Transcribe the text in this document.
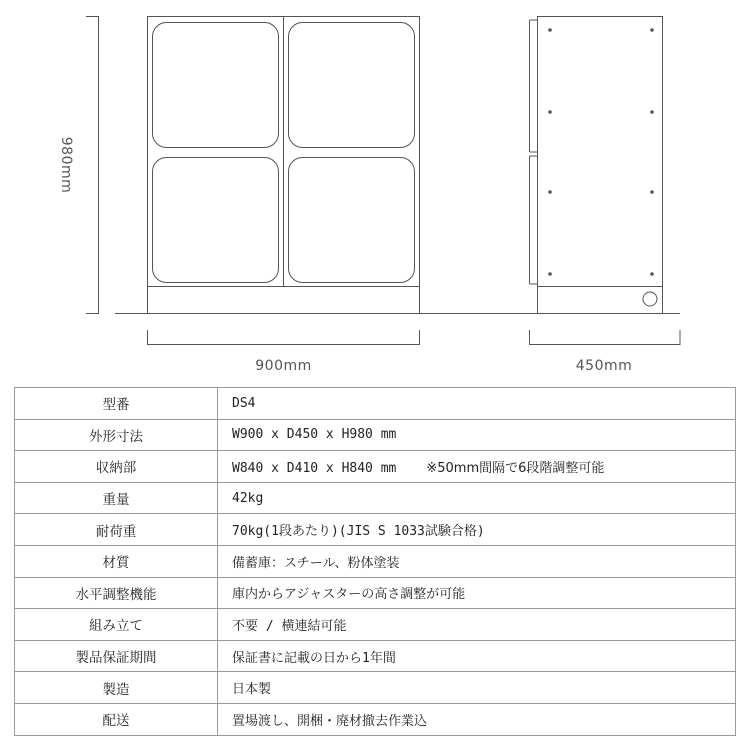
980mm
900mm	450mm
型番	DS4
外形寸法	W900 x D450 x H980 mm
収納部	W840 x D410 x H840 mm ※50mm間隔で6段階調整可能
重量	42kg
耐荷重	70kg(1段あたり)(JIS S 1033試験合格)
材質	備蓄庫：スチール、粉体塗装
水平調整機能	庫内からアジャスターの高さ調整が可能
組み立て	不要 / 横連結可能
製品保証期間	保証書に記載の日から1年間
製造	日本製
配送	置場渡し、開梱・廃材撤去作業込
